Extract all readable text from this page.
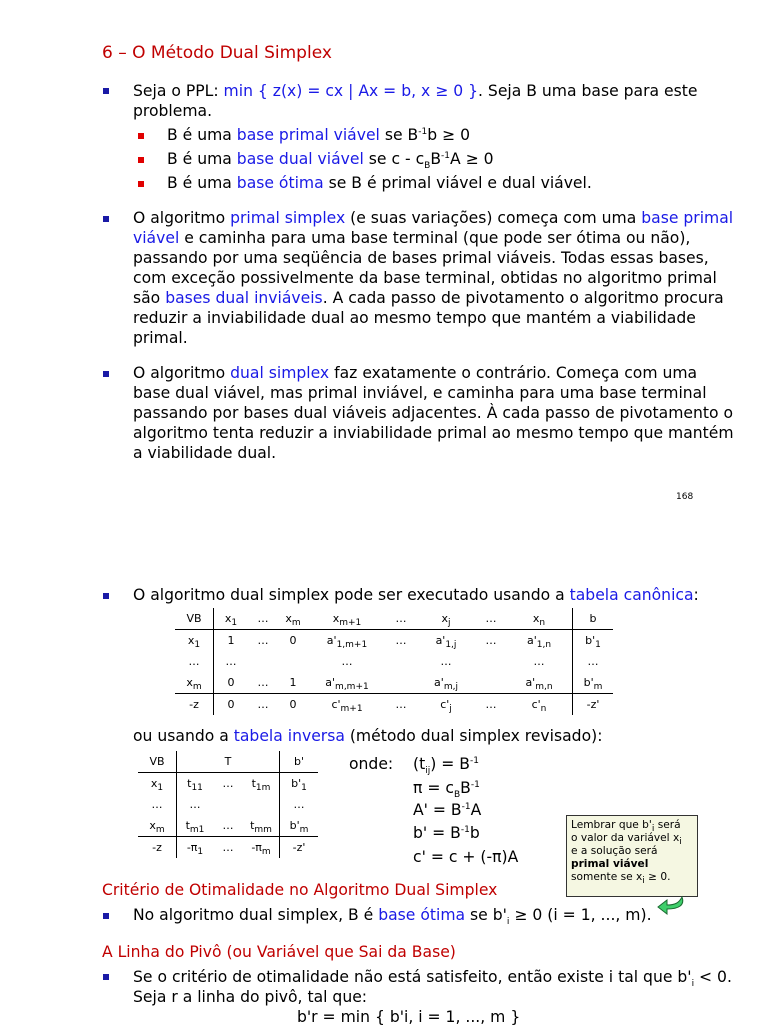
6 – O Método Dual Simplex
Seja o PPL: min { z(x) = cx | Ax = b, x ≥ 0 }. Seja B uma base para este
problema.
B é uma base primal viável se $B^{-1}b \ge 0$
B é uma base dual viável se $c - c_BB^{-1}A \ge 0$
B é uma base ótima se B é primal viável e dual viável.
O algoritmo primal simplex (e suas variações) começa com uma base primal
viável e caminha para uma base terminal (que pode ser ótima ou não),
passando por uma seqüência de bases primal viáveis. Todas essas bases,
com exceção possivelmente da base terminal, obtidas no algoritmo primal
são bases dual inviáveis. A cada passo de pivotamento o algoritmo procura
reduzir a inviabilidade dual ao mesmo tempo que mantém a viabilidade
primal.
O algoritmo dual simplex faz exatamente o contrário. Começa com uma
base dual viável, mas primal inviável, e caminha para uma base terminal
passando por bases dual viáveis adjacentes. À cada passo de pivotamento o
algoritmo tenta reduzir a inviabilidade primal ao mesmo tempo que mantém
a viabilidade dual.
168
O algoritmo dual simplex pode ser executado usando a tabela canônica:
VB	$x_1$	…	$x_m$	$x_{m+1}$	…	$x_j$	…	$x_n$	b
$x_1$	1	…	0	$a'_{1,m+1}$	…	$a'_{1,j}$	…	$a'_{1,n}$	$b'_1$
…	…			…		…		…	…
$x_m$	0	…	1	$a'_{m,m+1}$		$a'_{m,j}$		$a'_{m,n}$	$b'_m$
-z	0	…	0	$c'_{m+1}$	…	$c'_j$	…	$c'_n$	-z'
ou usando a tabela inversa (método dual simplex revisado):
VB		T		b'
$x_1$	$t_{11}$	…	$t_{1m}$	$b'_1$
…	…			…
$x_m$	$t_{m1}$	…	$t_{mm}$	$b'_m$
-z	$-\pi_1$	…	$-\pi_m$	-z'
onde: $(t_{ij}) = B^{-1}$
$\pi = c_BB^{-1}$
$A' = B^{-1}A$
$b' = B^{-1}b$
c' = c + (-π)A
Lembrar que $b'_i$ será
o valor da variável $x_i$
e a solução será
primal viável
somente se $x_i \ge 0$.
Critério de Otimalidade no Algoritmo Dual Simplex
No algoritmo dual simplex, B é base ótima se $b'_i \ge 0$ (i = 1, ..., m).
A Linha do Pivô (ou Variável que Sai da Base)
Se o critério de otimalidade não está satisfeito, então existe i tal que $b'_i < 0$.
Seja r a linha do pivô, tal que:
b'r = min { b'i, i = 1, ..., m }
